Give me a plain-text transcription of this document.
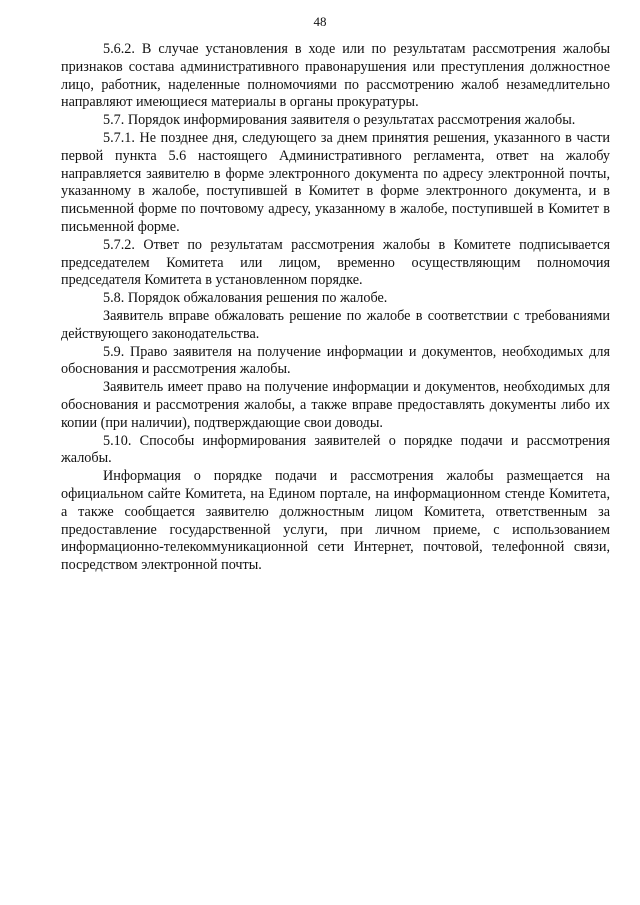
48

5.6.2. В случае установления в ходе или по результатам рассмотрения жалобы признаков состава административного правонарушения или преступления должностное лицо, работник, наделенные полномочиями по рассмотрению жалоб незамедлительно направляют имеющиеся материалы в органы прокуратуры.

5.7. Порядок информирования заявителя о результатах рассмотрения жалобы.

5.7.1. Не позднее дня, следующего за днем принятия решения, указанного в части первой пункта 5.6 настоящего Административного регламента, ответ на жалобу направляется заявителю в форме электронного документа по адресу электронной почты, указанному в жалобе, поступившей в Комитет в форме электронного документа, и в письменной форме по почтовому адресу, указанному в жалобе, поступившей в Комитет в письменной форме.

5.7.2. Ответ по результатам рассмотрения жалобы в Комитете подписывается председателем Комитета или лицом, временно осуществляющим полномочия председателя Комитета в установленном порядке.

5.8. Порядок обжалования решения по жалобе.

Заявитель вправе обжаловать решение по жалобе в соответствии с требованиями действующего законодательства.

5.9. Право заявителя на получение информации и документов, необходимых для обоснования и рассмотрения жалобы.

Заявитель имеет право на получение информации и документов, необходимых для обоснования и рассмотрения жалобы, а также вправе предоставлять документы либо их копии (при наличии), подтверждающие свои доводы.

5.10. Способы информирования заявителей о порядке подачи и рассмотрения жалобы.

Информация о порядке подачи и рассмотрения жалобы размещается на официальном сайте Комитета, на Едином портале, на информационном стенде Комитета, а также сообщается заявителю должностным лицом Комитета, ответственным за предоставление государственной услуги, при личном приеме, с использованием информационно-телекоммуникационной сети Интернет, почтовой, телефонной связи, посредством электронной почты.
